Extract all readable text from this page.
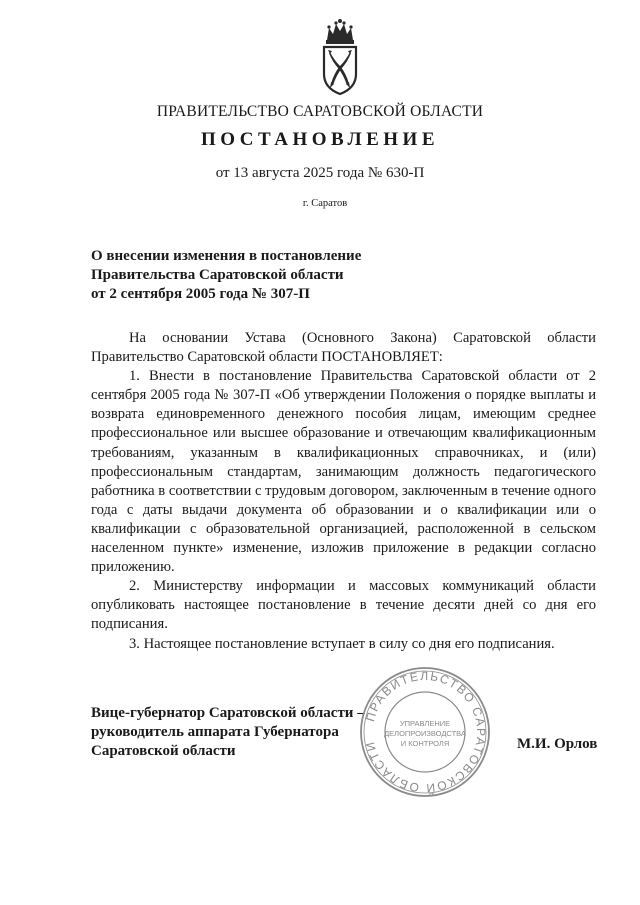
ПРАВИТЕЛЬСТВО САРАТОВСКОЙ ОБЛАСТИ
ПОСТАНОВЛЕНИЕ
от 13 августа 2025 года № 630-П
г. Саратов
О внесении изменения в постановление
Правительства Саратовской области
от 2 сентября 2005 года № 307-П

На основании Устава (Основного Закона) Саратовской области Правительство Саратовской области ПОСТАНОВЛЯЕТ:

1. Внести в постановление Правительства Саратовской области от 2 сентября 2005 года № 307-П «Об утверждении Положения о порядке выплаты и возврата единовременного денежного пособия лицам, имеющим среднее профессиональное или высшее образование и отвечающим квалификационным требованиям, указанным в квалификационных справочниках, и (или) профессиональным стандартам, занимающим должность педагогического работника в соответствии с трудовым договором, заключенным в течение одного года с даты выдачи документа об образовании и о квалификации или о квалификации с образовательной организацией, расположенной в сельском населенном пункте» изменение, изложив приложение в редакции согласно приложению.

2. Министерству информации и массовых коммуникаций области опубликовать настоящее постановление в течение десяти дней со дня его подписания.

3. Настоящее постановление вступает в силу со дня его подписания.

Вице-губернатор Саратовской области –
руководитель аппарата Губернатора
Саратовской области
ПРАВИТЕЛЬСТВО САРАТОВСКОЙ ОБЛАСТИ
УПРАВЛЕНИЕ
ДЕЛОПРОИЗВОДСТВА
И КОНТРОЛЯ	М.И. Орлов
